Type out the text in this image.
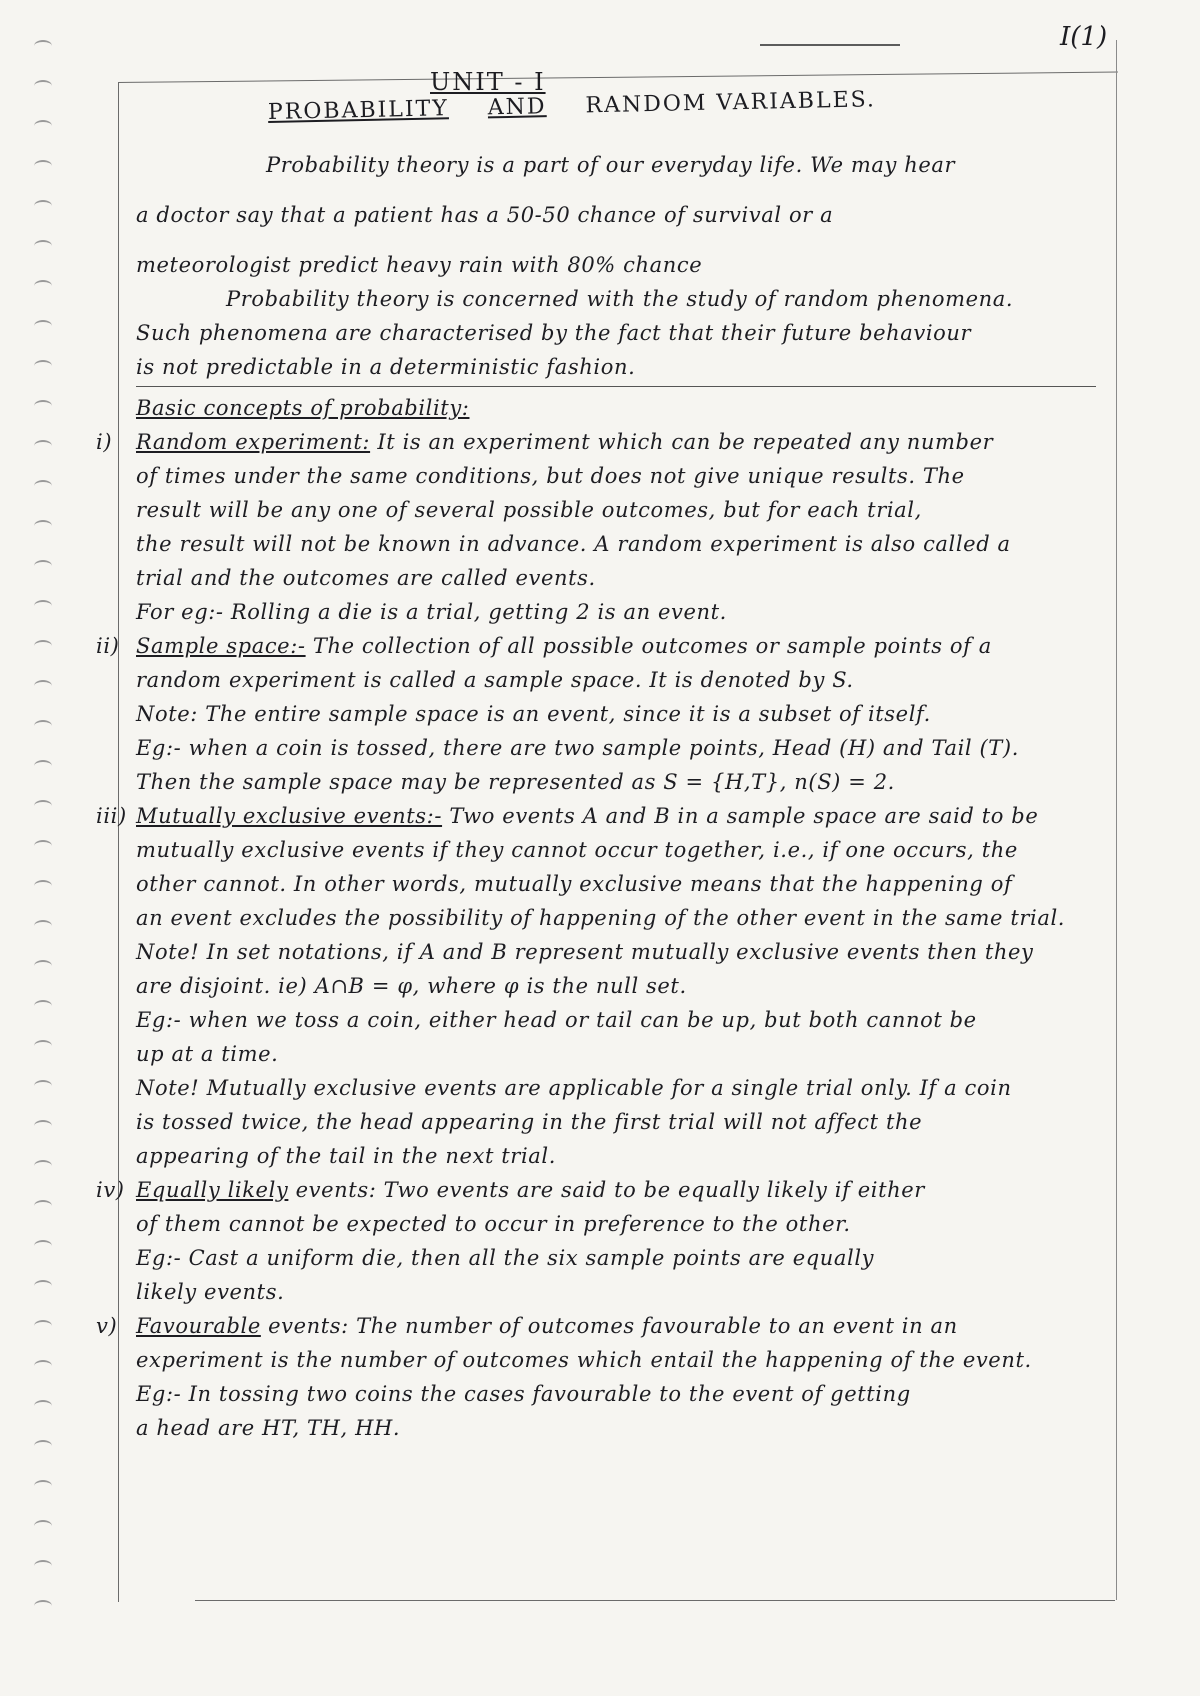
I(1)
UNIT - I
PROBABILITY AND RANDOM VARIABLES.
Probability theory is a part of our everyday life. We may hear
a doctor say that a patient has a 50-50 chance of survival or a
meteorologist predict heavy rain with 80% chance
Probability theory is concerned with the study of random phenomena.
Such phenomena are characterised by the fact that their future behaviour
is not predictable in a deterministic fashion.
Basic concepts of probability:
i) Random experiment: It is an experiment which can be repeated any number
of times under the same conditions, but does not give unique results. The
result will be any one of several possible outcomes, but for each trial,
the result will not be known in advance. A random experiment is also called a
trial and the outcomes are called events.
For eg:- Rolling a die is a trial, getting 2 is an event.
ii) Sample space:- The collection of all possible outcomes or sample points of a
random experiment is called a sample space. It is denoted by S.
Note: The entire sample space is an event, since it is a subset of itself.
Eg:- when a coin is tossed, there are two sample points, Head (H) and Tail (T).
Then the sample space may be represented as S = {H,T}, n(S) = 2.
iii) Mutually exclusive events:- Two events A and B in a sample space are said to be
mutually exclusive events if they cannot occur together, i.e., if one occurs, the
other cannot. In other words, mutually exclusive means that the happening of
an event excludes the possibility of happening of the other event in the same trial.
Note! In set notations, if A and B represent mutually exclusive events then they
are disjoint. ie) A∩B = φ, where φ is the null set.
Eg:- when we toss a coin, either head or tail can be up, but both cannot be
up at a time.
Note! Mutually exclusive events are applicable for a single trial only. If a coin
is tossed twice, the head appearing in the first trial will not affect the
appearing of the tail in the next trial.
iv) Equally likely events: Two events are said to be equally likely if either
of them cannot be expected to occur in preference to the other.
Eg:- Cast a uniform die, then all the six sample points are equally
likely events.
v) Favourable events: The number of outcomes favourable to an event in an
experiment is the number of outcomes which entail the happening of the event.
Eg:- In tossing two coins the cases favourable to the event of getting
a head are HT, TH, HH.
